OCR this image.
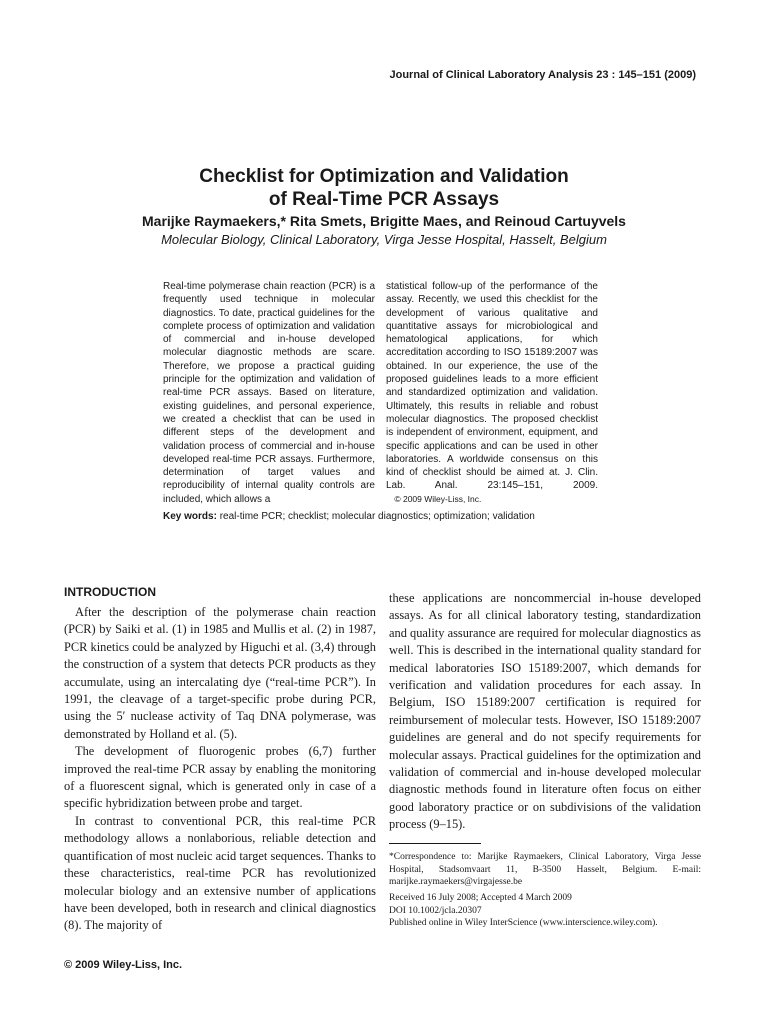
Journal of Clinical Laboratory Analysis 23 : 145–151 (2009)
Checklist for Optimization and Validation
of Real-Time PCR Assays
Marijke Raymaekers,* Rita Smets, Brigitte Maes, and Reinoud Cartuyvels
Molecular Biology, Clinical Laboratory, Virga Jesse Hospital, Hasselt, Belgium
Real-time polymerase chain reaction (PCR) is a frequently used technique in molecular diagnostics. To date, practical guidelines for the complete process of optimization and validation of commercial and in-house developed molecular diagnostic methods are scare. Therefore, we propose a practical guiding principle for the optimization and validation of real-time PCR assays. Based on literature, existing guidelines, and personal experience, we created a checklist that can be used in different steps of the development and validation process of commercial and in-house developed real-time PCR assays. Furthermore, determination of target values and reproducibility of internal quality controls are included, which allows a
statistical follow-up of the performance of the assay. Recently, we used this checklist for the development of various qualitative and quantitative assays for microbiological and hematological applications, for which accreditation according to ISO 15189:2007 was obtained. In our experience, the use of the proposed guidelines leads to a more efficient and standardized optimization and validation. Ultimately, this results in reliable and robust molecular diagnostics. The proposed checklist is independent of environment, equipment, and specific applications and can be used in other laboratories. A worldwide consensus on this kind of checklist should be aimed at. J. Clin. Lab. Anal. 23:145–151, 2009.    © 2009 Wiley-Liss, Inc.
Key words: real-time PCR; checklist; molecular diagnostics; optimization; validation
INTRODUCTION

After the description of the polymerase chain reaction (PCR) by Saiki et al. (1) in 1985 and Mullis et al. (2) in 1987, PCR kinetics could be analyzed by Higuchi et al. (3,4) through the construction of a system that detects PCR products as they accumulate, using an intercalating dye (“real-time PCR”). In 1991, the cleavage of a target-specific probe during PCR, using the 5′ nuclease activity of Taq DNA polymerase, was demonstrated by Holland et al. (5).

The development of fluorogenic probes (6,7) further improved the real-time PCR assay by enabling the monitoring of a fluorescent signal, which is generated only in case of a specific hybridization between probe and target.

In contrast to conventional PCR, this real-time PCR methodology allows a nonlaborious, reliable detection and quantification of most nucleic acid target sequences. Thanks to these characteristics, real-time PCR has revolutionized molecular biology and an extensive number of applications have been developed, both in research and clinical diagnostics (8). The majority of

these applications are noncommercial in-house developed assays. As for all clinical laboratory testing, standardization and quality assurance are required for molecular diagnostics as well. This is described in the international quality standard for medical laboratories ISO 15189:2007, which demands for verification and validation procedures for each assay. In Belgium, ISO 15189:2007 certification is required for reimbursement of molecular tests. However, ISO 15189:2007 guidelines are general and do not specify requirements for molecular assays. Practical guidelines for the optimization and validation of commercial and in-house developed molecular diagnostic methods found in literature often focus on either good laboratory practice or on subdivisions of the validation process (9–15).

*Correspondence to: Marijke Raymaekers, Clinical Laboratory, Virga Jesse Hospital, Stadsomvaart 11, B-3500 Hasselt, Belgium. E-mail: marijke.raymaekers@virgajesse.be
Received 16 July 2008; Accepted 4 March 2009
DOI 10.1002/jcla.20307
Published online in Wiley InterScience (www.interscience.wiley.com).
© 2009 Wiley-Liss, Inc.
